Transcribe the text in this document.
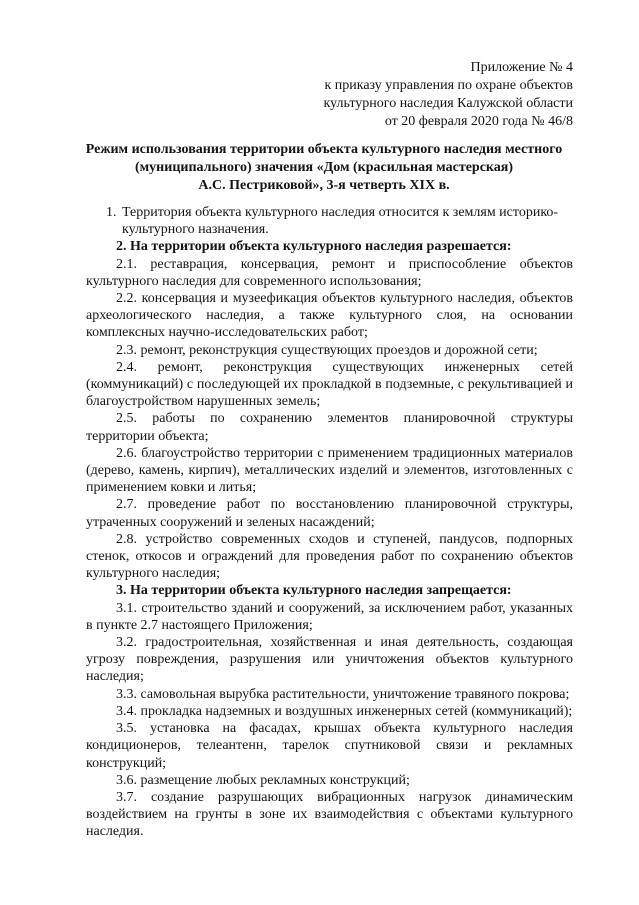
Приложение № 4
к приказу управления по охране объектов
культурного наследия Калужской области
от 20 февраля 2020 года № 46/8
Режим использования территории объекта культурного наследия местного
(муниципального) значения «Дом (красильная мастерская)
А.С. Пестриковой», 3-я четверть XIX в.

1. Территория объекта культурного наследия относится к землям историко-
культурного назначения.

2. На территории объекта культурного наследия разрешается:

2.1. реставрация, консервация, ремонт и приспособление объектов культурного наследия для современного использования;

2.2. консервация и музеефикация объектов культурного наследия, объектов археологического наследия, а также культурного слоя, на основании комплексных научно-исследовательских работ;

2.3. ремонт, реконструкция существующих проездов и дорожной сети;

2.4. ремонт, реконструкция существующих инженерных сетей (коммуникаций) с последующей их прокладкой в подземные, с рекультивацией и благоустройством нарушенных земель;

2.5. работы по сохранению элементов планировочной структуры территории объекта;

2.6. благоустройство территории с применением традиционных материалов (дерево, камень, кирпич), металлических изделий и элементов, изготовленных с применением ковки и литья;

2.7. проведение работ по восстановлению планировочной структуры, утраченных сооружений и зеленых насаждений;

2.8. устройство современных сходов и ступеней, пандусов, подпорных стенок, откосов и ограждений для проведения работ по сохранению объектов культурного наследия;

3. На территории объекта культурного наследия запрещается:

3.1. строительство зданий и сооружений, за исключением работ, указанных в пункте 2.7 настоящего Приложения;

3.2. градостроительная, хозяйственная и иная деятельность, создающая угрозу повреждения, разрушения или уничтожения объектов культурного наследия;

3.3. самовольная вырубка растительности, уничтожение травяного покрова;

3.4. прокладка надземных и воздушных инженерных сетей (коммуникаций);

3.5. установка на фасадах, крышах объекта культурного наследия кондиционеров, телеантенн, тарелок спутниковой связи и рекламных конструкций;

3.6. размещение любых рекламных конструкций;

3.7. создание разрушающих вибрационных нагрузок динамическим воздействием на грунты в зоне их взаимодействия с объектами культурного наследия.
